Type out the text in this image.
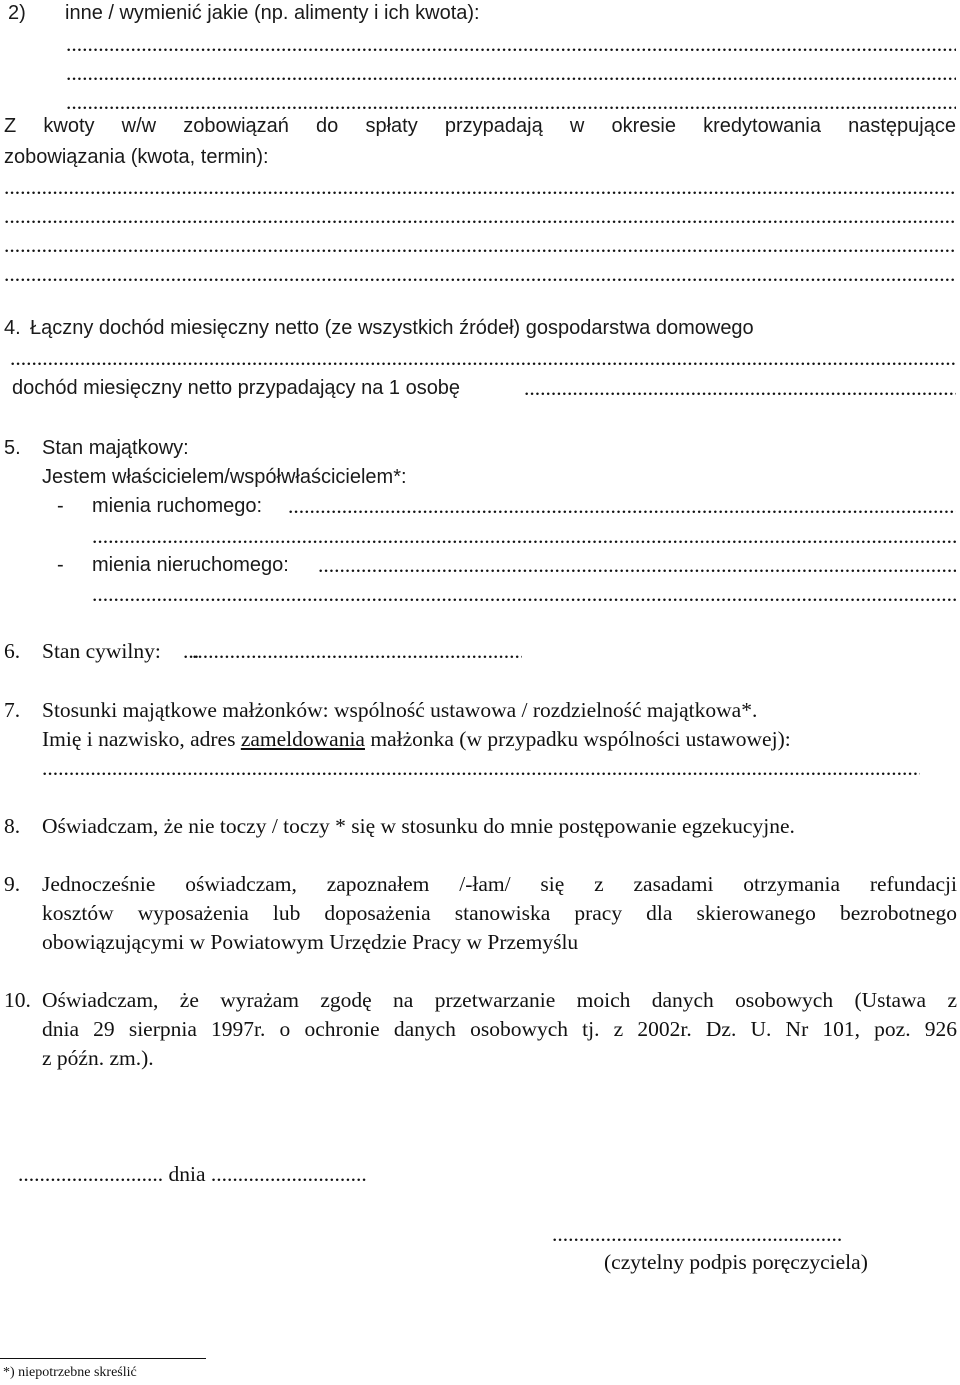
2) inne / wymienić jakie (np. alimenty i ich kwota):
.....
.....
.....
Z kwoty w/w zobowiązań do spłaty przypadają w okresie kredytowania następujące
zobowiązania (kwota, termin):
.....
.....
.....
.....
4. Łączny dochód miesięczny netto (ze wszystkich źródeł) gospodarstwa domowego
.....
dochód miesięczny netto przypadający na 1 osobę
.....
5. Stan majątkowy:
Jestem właścicielem/współwłaścicielem*:
- mienia ruchomego:
.....
.....
- mienia nieruchomego:
.....
.....
6. Stan cywilny: ...
.....
7. Stosunki majątkowe małżonków: wspólność ustawowa / rozdzielność majątkowa*.
Imię i nazwisko, adres zameldowania małżonka (w przypadku wspólności ustawowej):
.....
8. Oświadczam, że nie toczy / toczy * się w stosunku do mnie postępowanie egzekucyjne.
9. Jednocześnie oświadczam, zapoznałem /-łam/ się z zasadami otrzymania refundacji
kosztów wyposażenia lub doposażenia stanowiska pracy dla skierowanego bezrobotnego
obowiązującymi w Powiatowym Urzędzie Pracy w Przemyślu
10. Oświadczam, że wyrażam zgodę na przetwarzanie moich danych osobowych (Ustawa z
dnia 29 sierpnia 1997r. o ochronie danych osobowych tj. z 2002r. Dz. U. Nr 101, poz. 926
z późn. zm.).
........................... dnia .............................
......................................................
(czytelny podpis poręczyciela)
*) niepotrzebne skreślić
